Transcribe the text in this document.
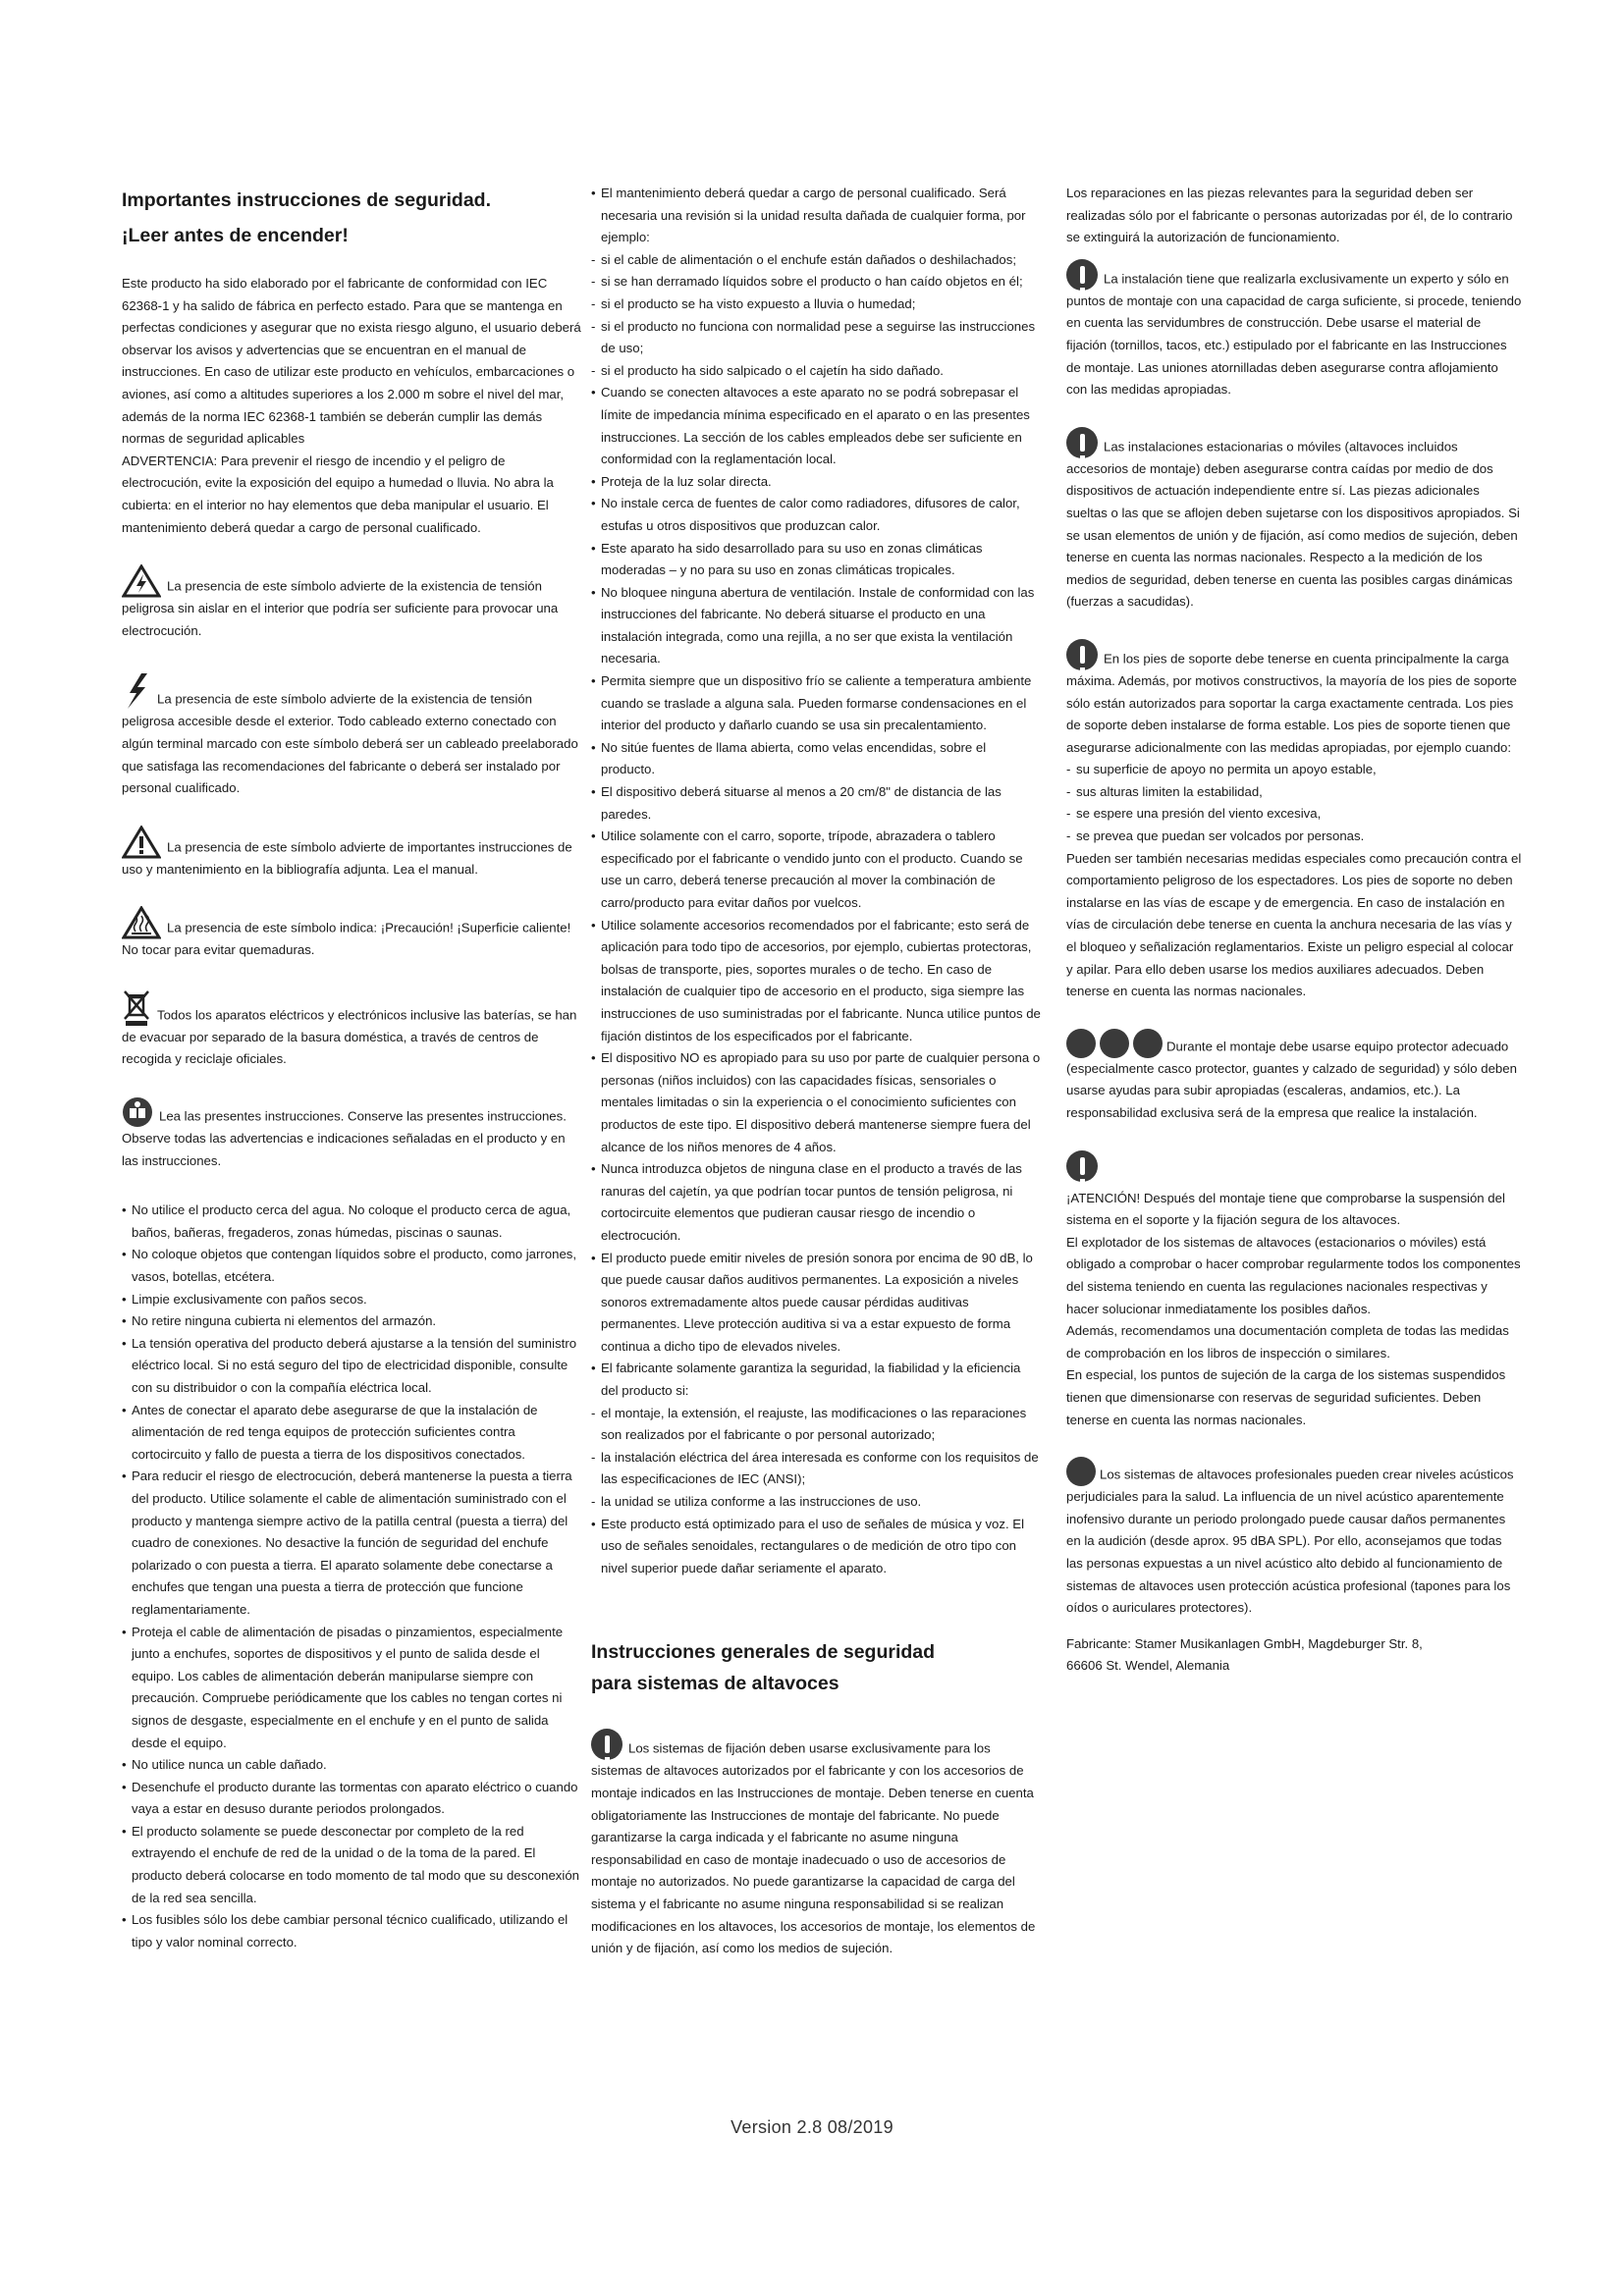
Importantes instrucciones de seguridad.
¡Leer antes de encender!

Este producto ha sido elaborado por el fabricante de conformidad con IEC 62368-1 y ha salido de fábrica en perfecto estado. Para que se mantenga en perfectas condiciones y asegurar que no exista riesgo alguno, el usuario deberá observar los avisos y advertencias que se encuentran en el manual de instrucciones. En caso de utilizar este producto en vehículos, embarcaciones o aviones, así como a altitudes superiores a los 2.000 m sobre el nivel del mar, además de la norma IEC 62368-1 también se deberán cumplir las demás normas de seguridad aplicables

ADVERTENCIA: Para prevenir el riesgo de incendio y el peligro de electrocución, evite la exposición del equipo a humedad o lluvia. No abra la cubierta: en el interior no hay elementos que deba manipular el usuario. El mantenimiento deberá quedar a cargo de personal cualificado.

La presencia de este símbolo advierte de la existencia de tensión peligrosa sin aislar en el interior que podría ser suficiente para provocar una electrocución.

La presencia de este símbolo advierte de la existencia de tensión peligrosa accesible desde el exterior. Todo cableado externo conectado con algún terminal marcado con este símbolo deberá ser un cableado preelaborado que satisfaga las recomendaciones del fabricante o deberá ser instalado por personal cualificado.

La presencia de este símbolo advierte de importantes instrucciones de uso y mantenimiento en la bibliografía adjunta. Lea el manual.

La presencia de este símbolo indica: ¡Precaución! ¡Superficie caliente! No tocar para evitar quemaduras.

Todos los aparatos eléctricos y electrónicos inclusive las baterías, se han de evacuar por separado de la basura doméstica, a través de centros de recogida y reciclaje oficiales.

Lea las presentes instrucciones. Conserve las presentes instrucciones. Observe todas las advertencias e indicaciones señaladas en el producto y en las instrucciones.

• No utilice el producto cerca del agua. No coloque el producto cerca de agua, baños, bañeras, fregaderos, zonas húmedas, piscinas o saunas.
• No coloque objetos que contengan líquidos sobre el producto, como jarrones, vasos, botellas, etcétera.
• Limpie exclusivamente con paños secos.
• No retire ninguna cubierta ni elementos del armazón.
• La tensión operativa del producto deberá ajustarse a la tensión del suministro eléctrico local. Si no está seguro del tipo de electricidad disponible, consulte con su distribuidor o con la compañía eléctrica local.
• Antes de conectar el aparato debe asegurarse de que la instalación de alimentación de red tenga equipos de protección suficientes contra cortocircuito y fallo de puesta a tierra de los dispositivos conectados.
• Para reducir el riesgo de electrocución, deberá mantenerse la puesta a tierra del producto. Utilice solamente el cable de alimentación suministrado con el producto y mantenga siempre activo de la patilla central (puesta a tierra) del cuadro de conexiones. No desactive la función de seguridad del enchufe polarizado o con puesta a tierra. El aparato solamente debe conectarse a enchufes que tengan una puesta a tierra de protección que funcione reglamentariamente.
• Proteja el cable de alimentación de pisadas o pinzamientos, especialmente junto a enchufes, soportes de dispositivos y el punto de salida desde el equipo. Los cables de alimentación deberán manipularse siempre con precaución. Compruebe periódicamente que los cables no tengan cortes ni signos de desgaste, especialmente en el enchufe y en el punto de salida desde el equipo.
• No utilice nunca un cable dañado.
• Desenchufe el producto durante las tormentas con aparato eléctrico o cuando vaya a estar en desuso durante periodos prolongados.
• El producto solamente se puede desconectar por completo de la red extrayendo el enchufe de red de la unidad o de la toma de la pared. El producto deberá colocarse en todo momento de tal modo que su desconexión de la red sea sencilla.
• Los fusibles sólo los debe cambiar personal técnico cualificado, utilizando el tipo y valor nominal correcto.
• El mantenimiento deberá quedar a cargo de personal cualificado. Será necesaria una revisión si la unidad resulta dañada de cualquier forma, por ejemplo:
- si el cable de alimentación o el enchufe están dañados o deshilachados;
- si se han derramado líquidos sobre el producto o han caído objetos en él;
- si el producto se ha visto expuesto a lluvia o humedad;
- si el producto no funciona con normalidad pese a seguirse las instrucciones de uso;
- si el producto ha sido salpicado o el cajetín ha sido dañado.
• Cuando se conecten altavoces a este aparato no se podrá sobrepasar el límite de impedancia mínima especificado en el aparato o en las presentes instrucciones. La sección de los cables empleados debe ser suficiente en conformidad con la reglamentación local.
• Proteja de la luz solar directa.
• No instale cerca de fuentes de calor como radiadores, difusores de calor, estufas u otros dispositivos que produzcan calor.
• Este aparato ha sido desarrollado para su uso en zonas climáticas moderadas – y no para su uso en zonas climáticas tropicales.
• No bloquee ninguna abertura de ventilación. Instale de conformidad con las instrucciones del fabricante. No deberá situarse el producto en una instalación integrada, como una rejilla, a no ser que exista la ventilación necesaria.
• Permita siempre que un dispositivo frío se caliente a temperatura ambiente cuando se traslade a alguna sala. Pueden formarse condensaciones en el interior del producto y dañarlo cuando se usa sin precalentamiento.
• No sitúe fuentes de llama abierta, como velas encendidas, sobre el producto.
• El dispositivo deberá situarse al menos a 20 cm/8" de distancia de las paredes.
• Utilice solamente con el carro, soporte, trípode, abrazadera o tablero especificado por el fabricante o vendido junto con el producto. Cuando se use un carro, deberá tenerse precaución al mover la combinación de carro/producto para evitar daños por vuelcos.
• Utilice solamente accesorios recomendados por el fabricante; esto será de aplicación para todo tipo de accesorios, por ejemplo, cubiertas protectoras, bolsas de transporte, pies, soportes murales o de techo. En caso de instalación de cualquier tipo de accesorio en el producto, siga siempre las instrucciones de uso suministradas por el fabricante. Nunca utilice puntos de fijación distintos de los especificados por el fabricante.
• El dispositivo NO es apropiado para su uso por parte de cualquier persona o personas (niños incluidos) con las capacidades físicas, sensoriales o mentales limitadas o sin la experiencia o el conocimiento suficientes con productos de este tipo. El dispositivo deberá mantenerse siempre fuera del alcance de los niños menores de 4 años.
• Nunca introduzca objetos de ninguna clase en el producto a través de las ranuras del cajetín, ya que podrían tocar puntos de tensión peligrosa, ni cortocircuite elementos que pudieran causar riesgo de incendio o electrocución.
• El producto puede emitir niveles de presión sonora por encima de 90 dB, lo que puede causar daños auditivos permanentes. La exposición a niveles sonoros extremadamente altos puede causar pérdidas auditivas permanentes. Lleve protección auditiva si va a estar expuesto de forma continua a dicho tipo de elevados niveles.
• El fabricante solamente garantiza la seguridad, la fiabilidad y la eficiencia del producto si:
- el montaje, la extensión, el reajuste, las modificaciones o las reparaciones son realizados por el fabricante o por personal autorizado;
- la instalación eléctrica del área interesada es conforme con los requisitos de las especificaciones de IEC (ANSI);
- la unidad se utiliza conforme a las instrucciones de uso.
• Este producto está optimizado para el uso de señales de música y voz. El uso de señales senoidales, rectangulares o de medición de otro tipo con nivel superior puede dañar seriamente el aparato.
Instrucciones generales de seguridad
para sistemas de altavoces

Los sistemas de fijación deben usarse exclusivamente para los sistemas de altavoces autorizados por el fabricante y con los accesorios de montaje indicados en las Instrucciones de montaje. Deben tenerse en cuenta obligatoriamente las Instrucciones de montaje del fabricante. No puede garantizarse la carga indicada y el fabricante no asume ninguna responsabilidad en caso de montaje inadecuado o uso de accesorios de montaje no autorizados. No puede garantizarse la capacidad de carga del sistema y el fabricante no asume ninguna responsabilidad si se realizan modificaciones en los altavoces, los accesorios de montaje, los elementos de unión y de fijación, así como los medios de sujeción.

Los reparaciones en las piezas relevantes para la seguridad deben ser realizadas sólo por el fabricante o personas autorizadas por él, de lo contrario se extinguirá la autorización de funcionamiento.

La instalación tiene que realizarla exclusivamente un experto y sólo en puntos de montaje con una capacidad de carga suficiente, si procede, teniendo en cuenta las servidumbres de construcción. Debe usarse el material de fijación (tornillos, tacos, etc.) estipulado por el fabricante en las Instrucciones de montaje. Las uniones atornilladas deben asegurarse contra aflojamiento con las medidas apropiadas.

Las instalaciones estacionarias o móviles (altavoces incluidos accesorios de montaje) deben asegurarse contra caídas por medio de dos dispositivos de actuación independiente entre sí. Las piezas adicionales sueltas o las que se aflojen deben sujetarse con los dispositivos apropiados. Si se usan elementos de unión y de fijación, así como medios de sujeción, deben tenerse en cuenta las normas nacionales. Respecto a la medición de los medios de seguridad, deben tenerse en cuenta las posibles cargas dinámicas (fuerzas a sacudidas).

En los pies de soporte debe tenerse en cuenta principalmente la carga máxima. Además, por motivos constructivos, la mayoría de los pies de soporte sólo están autorizados para soportar la carga exactamente centrada. Los pies de soporte deben instalarse de forma estable. Los pies de soporte tienen que asegurarse adicionalmente con las medidas apropiadas, por ejemplo cuando:

- su superficie de apoyo no permita un apoyo estable,
- sus alturas limiten la estabilidad,
- se espere una presión del viento excesiva,
- se prevea que puedan ser volcados por personas.

Pueden ser también necesarias medidas especiales como precaución contra el comportamiento peligroso de los espectadores. Los pies de soporte no deben instalarse en las vías de escape y de emergencia. En caso de instalación en vías de circulación debe tenerse en cuenta la anchura necesaria de las vías y el bloqueo y señalización reglamentarios. Existe un peligro especial al colocar y apilar. Para ello deben usarse los medios auxiliares adecuados. Deben tenerse en cuenta las normas nacionales.

Durante el montaje debe usarse equipo protector adecuado (especialmente casco protector, guantes y calzado de seguridad) y sólo deben usarse ayudas para subir apropiadas (escaleras, andamios, etc.). La responsabilidad exclusiva será de la empresa que realice la instalación.

¡ATENCIÓN! Después del montaje tiene que comprobarse la suspensión del sistema en el soporte y la fijación segura de los altavoces.

El explotador de los sistemas de altavoces (estacionarios o móviles) está obligado a comprobar o hacer comprobar regularmente todos los componentes del sistema teniendo en cuenta las regulaciones nacionales respectivas y hacer solucionar inmediatamente los posibles daños.

Además, recomendamos una documentación completa de todas las medidas de comprobación en los libros de inspección o similares.

En especial, los puntos de sujeción de la carga de los sistemas suspendidos tienen que dimensionarse con reservas de seguridad suficientes. Deben tenerse en cuenta las normas nacionales.

Los sistemas de altavoces profesionales pueden crear niveles acústicos perjudiciales para la salud. La influencia de un nivel acústico aparentemente inofensivo durante un periodo prolongado puede causar daños permanentes en la audición (desde aprox. 95 dBA SPL). Por ello, aconsejamos que todas las personas expuestas a un nivel acústico alto debido al funcionamiento de sistemas de altavoces usen protección acústica profesional (tapones para los oídos o auriculares protectores).

Fabricante: Stamer Musikanlagen GmbH, Magdeburger Str. 8,
66606 St. Wendel, Alemania

Version 2.8 08/2019
